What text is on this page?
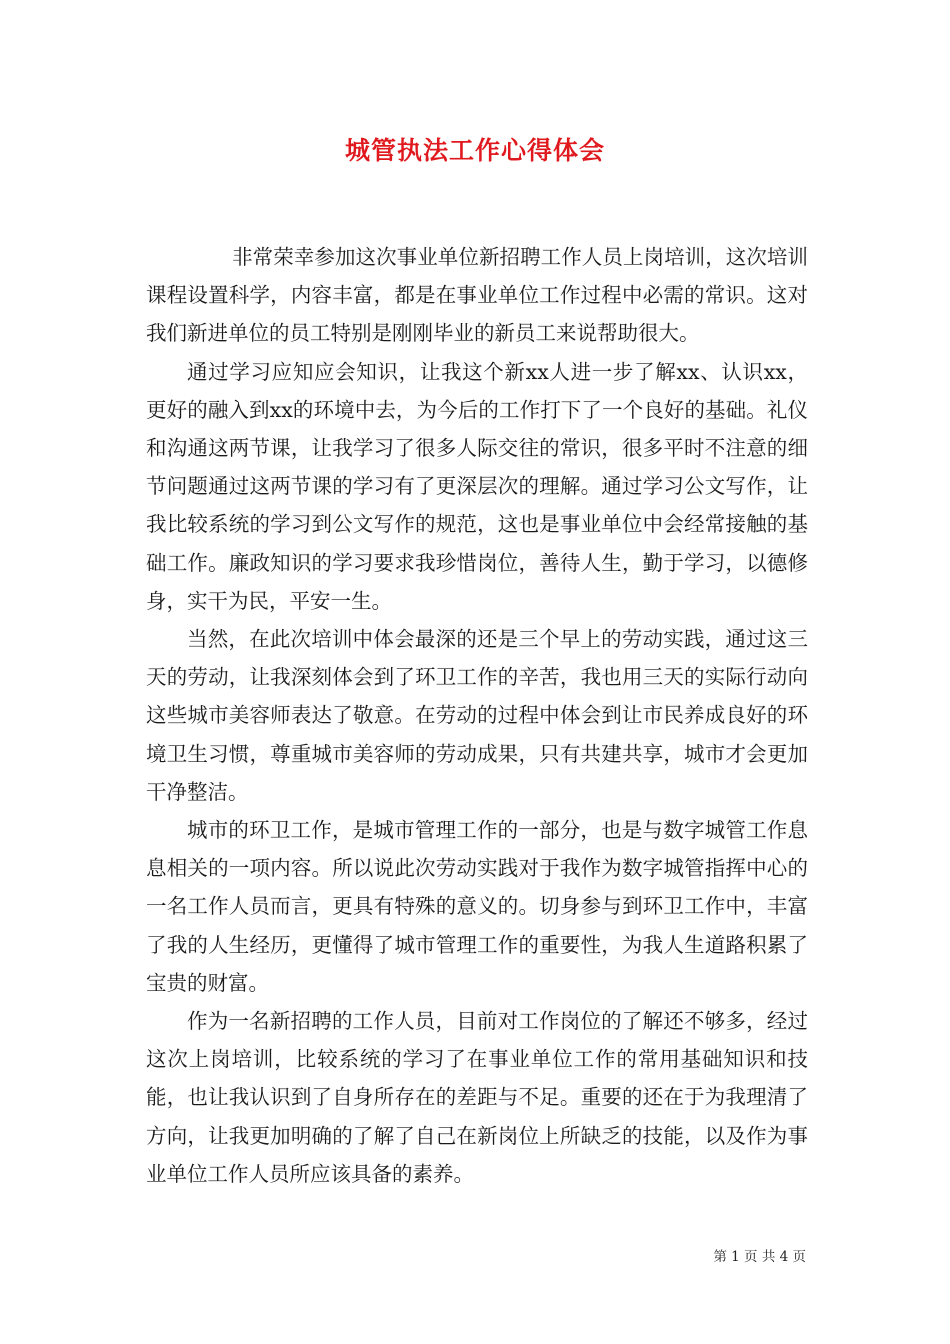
城管执法工作心得体会

非常荣幸参加这次事业单位新招聘工作人员上岗培训，这次培训课程设置科学，内容丰富，都是在事业单位工作过程中必需的常识。这对我们新进单位的员工特别是刚刚毕业的新员工来说帮助很大。

通过学习应知应会知识，让我这个新xx人进一步了解xx、认识xx，更好的融入到xx的环境中去，为今后的工作打下了一个良好的基础。礼仪和沟通这两节课，让我学习了很多人际交往的常识，很多平时不注意的细节问题通过这两节课的学习有了更深层次的理解。通过学习公文写作，让我比较系统的学习到公文写作的规范，这也是事业单位中会经常接触的基础工作。廉政知识的学习要求我珍惜岗位，善待人生，勤于学习，以德修身，实干为民，平安一生。

当然，在此次培训中体会最深的还是三个早上的劳动实践，通过这三天的劳动，让我深刻体会到了环卫工作的辛苦，我也用三天的实际行动向这些城市美容师表达了敬意。在劳动的过程中体会到让市民养成良好的环境卫生习惯，尊重城市美容师的劳动成果，只有共建共享，城市才会更加干净整洁。

城市的环卫工作，是城市管理工作的一部分，也是与数字城管工作息息相关的一项内容。所以说此次劳动实践对于我作为数字城管指挥中心的一名工作人员而言，更具有特殊的意义的。切身参与到环卫工作中，丰富了我的人生经历，更懂得了城市管理工作的重要性，为我人生道路积累了宝贵的财富。

作为一名新招聘的工作人员，目前对工作岗位的了解还不够多，经过这次上岗培训，比较系统的学习了在事业单位工作的常用基础知识和技能，也让我认识到了自身所存在的差距与不足。重要的还在于为我理清了方向，让我更加明确的了解了自己在新岗位上所缺乏的技能，以及作为事业单位工作人员所应该具备的素养。

第 1 页 共 4 页
